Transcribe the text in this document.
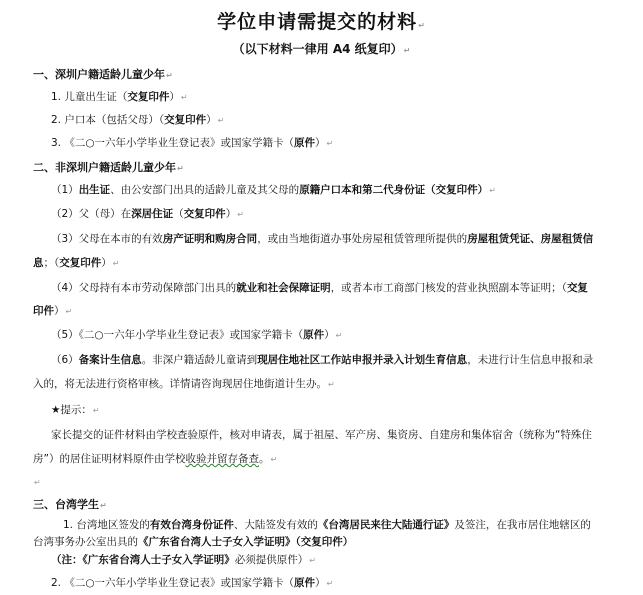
学位申请需提交的材料↵
（以下材料一律用 A4 纸复印）↵
一、深圳户籍适龄儿童少年↵
1. 儿童出生证（交复印件）↵
2. 户口本（包括父母）（交复印件）↵
3. 《二○一六年小学毕业生登记表》或国家学籍卡（原件）↵
二、非深圳户籍适龄儿童少年↵
（1）出生证、由公安部门出具的适龄儿童及其父母的原籍户口本和第二代身份证（交复印件）↵
（2）父（母）在深居住证（交复印件）↵
（3）父母在本市的有效房产证明和购房合同，或由当地街道办事处房屋租赁管理所提供的房屋租赁凭证、房屋租赁信
息；（交复印件）↵
（4）父母持有本市劳动保障部门出具的就业和社会保障证明，或者本市工商部门核发的营业执照副本等证明；（交复
印件）↵
（5）《二○一六年小学毕业生登记表》或国家学籍卡（原件）↵
（6）备案计生信息。非深户籍适龄儿童请到现居住地社区工作站申报并录入计划生育信息，未进行计生信息申报和录
入的，将无法进行资格审核。详情请咨询现居住地街道计生办。↵
★提示：↵
家长提交的证件材料由学校查验原件，核对申请表，属于祖屋、军产房、集资房、自建房和集体宿舍（统称为“特殊住
房”）的居住证明材料原件由学校收验并留存备查。↵
↵
三、台湾学生↵
1. 台湾地区签发的有效台湾身份证件、大陆签发有效的《台湾居民来往大陆通行证》及签注，在我市居住地辖区的
台湾事务办公室出具的《广东省台湾人士子女入学证明》（交复印件）
（注：《广东省台湾人士子女入学证明》必须提供原件）↵
2. 《二○一六年小学毕业生登记表》或国家学籍卡（原件）↵
